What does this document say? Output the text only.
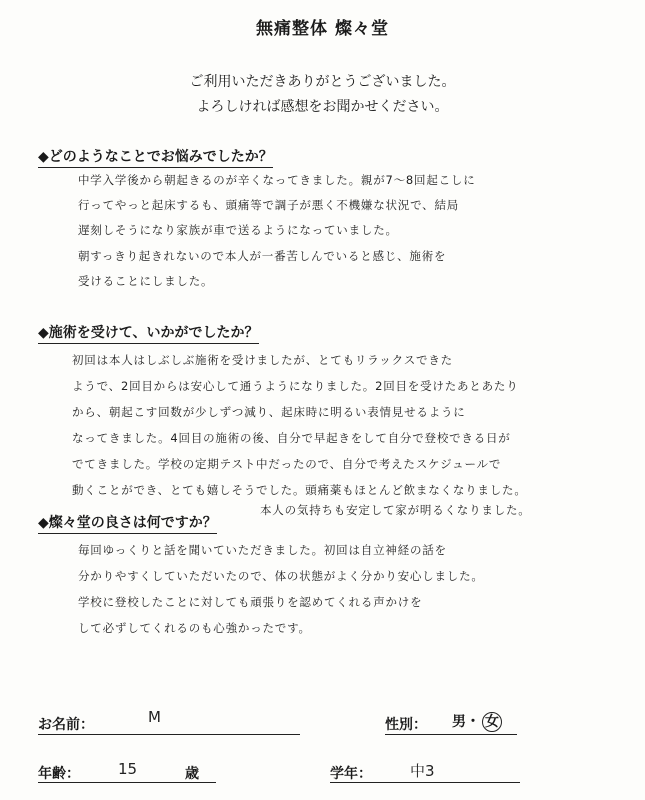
無痛整体 燦々堂
ご利用いただきありがとうございました。
よろしければ感想をお聞かせください。
◆どのようなことでお悩みでしたか？
中学入学後から朝起きるのが辛くなってきました。親が7〜8回起こしに
行ってやっと起床するも、頭痛等で調子が悪く不機嫌な状況で、結局
遅刻しそうになり家族が車で送るようになっていました。
朝すっきり起きれないので本人が一番苦しんでいると感じ、施術を
受けることにしました。
◆施術を受けて、いかがでしたか？
初回は本人はしぶしぶ施術を受けましたが、とてもリラックスできた
ようで、2回目からは安心して通うようになりました。2回目を受けたあとあたり
から、朝起こす回数が少しずつ減り、起床時に明るい表情見せるように
なってきました。4回目の施術の後、自分で早起きをして自分で登校できる日が
でてきました。学校の定期テスト中だったので、自分で考えたスケジュールで
動くことができ、とても嬉しそうでした。頭痛薬もほとんど飲まなくなりました。
本人の気持ちも安定して家が明るくなりました。
◆燦々堂の良さは何ですか？
毎回ゆっくりと話を聞いていただきました。初回は自立神経の話を
分かりやすくしていただいたので、体の状態がよく分かり安心しました。
学校に登校したことに対しても頑張りを認めてくれる声かけを
して必ずしてくれるのも心強かったです。
お名前：	M	性別： 男・ 女
年齢：	15	歳	学年：	中3
